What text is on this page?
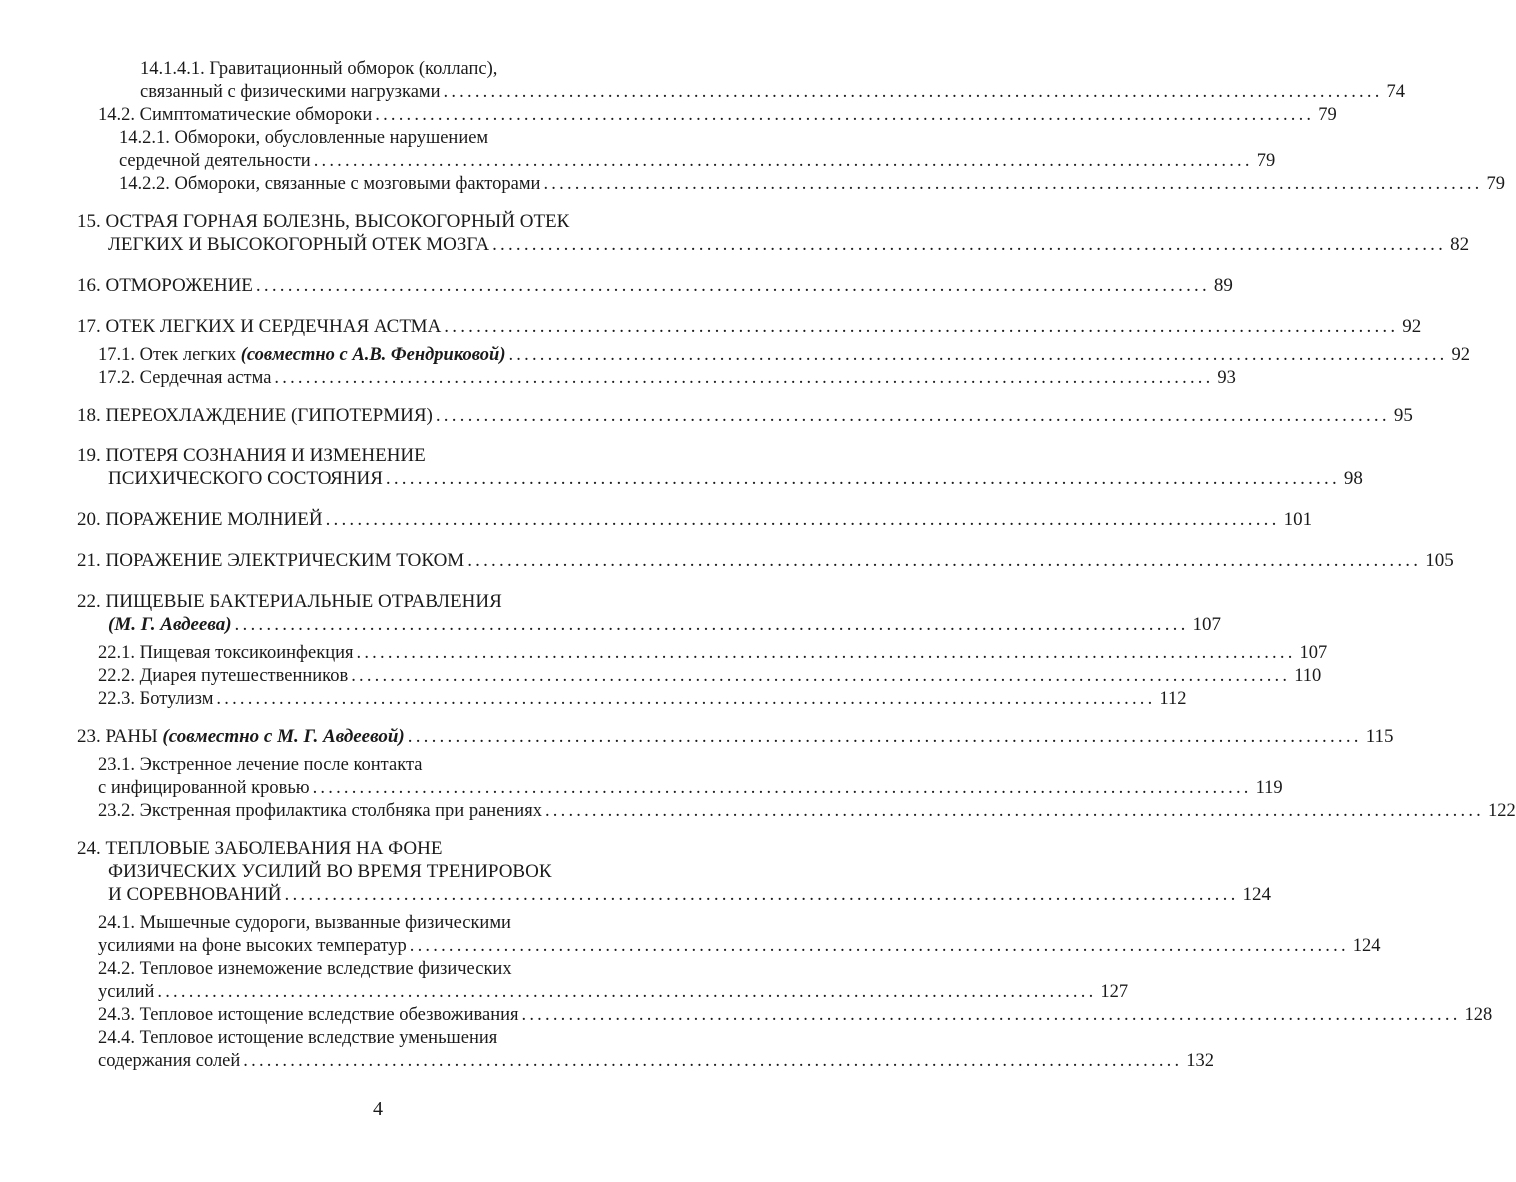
14.1.4.1. Гравитационный обморок (коллапс),
связанный с физическими нагрузками ........................................................................................................................ 74
14.2. Симптоматические обмороки ........................................................................................................................ 79
14.2.1. Обмороки, обусловленные нарушением
сердечной деятельности ........................................................................................................................ 79
14.2.2. Обмороки, связанные с мозговыми факторами ........................................................................................................................ 79
15. ОСТРАЯ ГОРНАЯ БОЛЕЗНЬ, ВЫСОКОГОРНЫЙ ОТЕК
ЛЕГКИХ И ВЫСОКОГОРНЫЙ ОТЕК МОЗГА ........................................................................................................................ 82
16. ОТМОРОЖЕНИЕ ........................................................................................................................ 89
17. ОТЕК ЛЕГКИХ И СЕРДЕЧНАЯ АСТМА ........................................................................................................................ 92
17.1. Отек легких (совместно с А.В. Фендриковой) ........................................................................................................................ 92
17.2. Сердечная астма ........................................................................................................................ 93
18. ПЕРЕОХЛАЖДЕНИЕ (ГИПОТЕРМИЯ) ........................................................................................................................ 95
19. ПОТЕРЯ СОЗНАНИЯ И ИЗМЕНЕНИЕ
ПСИХИЧЕСКОГО СОСТОЯНИЯ ........................................................................................................................ 98
20. ПОРАЖЕНИЕ МОЛНИЕЙ ........................................................................................................................ 101
21. ПОРАЖЕНИЕ ЭЛЕКТРИЧЕСКИМ ТОКОМ ........................................................................................................................ 105
22. ПИЩЕВЫЕ БАКТЕРИАЛЬНЫЕ ОТРАВЛЕНИЯ
(М. Г. Авдеева) ........................................................................................................................ 107
22.1. Пищевая токсикоинфекция ........................................................................................................................ 107
22.2. Диарея путешественников ........................................................................................................................ 110
22.3. Ботулизм ........................................................................................................................ 112
23. РАНЫ (совместно с М. Г. Авдеевой) ........................................................................................................................ 115
23.1. Экстренное лечение после контакта
с инфицированной кровью ........................................................................................................................ 119
23.2. Экстренная профилактика столбняка при ранениях ........................................................................................................................ 122
24. ТЕПЛОВЫЕ ЗАБОЛЕВАНИЯ НА ФОНЕ
ФИЗИЧЕСКИХ УСИЛИЙ ВО ВРЕМЯ ТРЕНИРОВОК
И СОРЕВНОВАНИЙ ........................................................................................................................ 124
24.1. Мышечные судороги, вызванные физическими
усилиями на фоне высоких температур ........................................................................................................................ 124
24.2. Тепловое изнеможение вследствие физических
усилий ........................................................................................................................ 127
24.3. Тепловое истощение вследствие обезвоживания ........................................................................................................................ 128
24.4. Тепловое истощение вследствие уменьшения
содержания солей ........................................................................................................................ 132
4
